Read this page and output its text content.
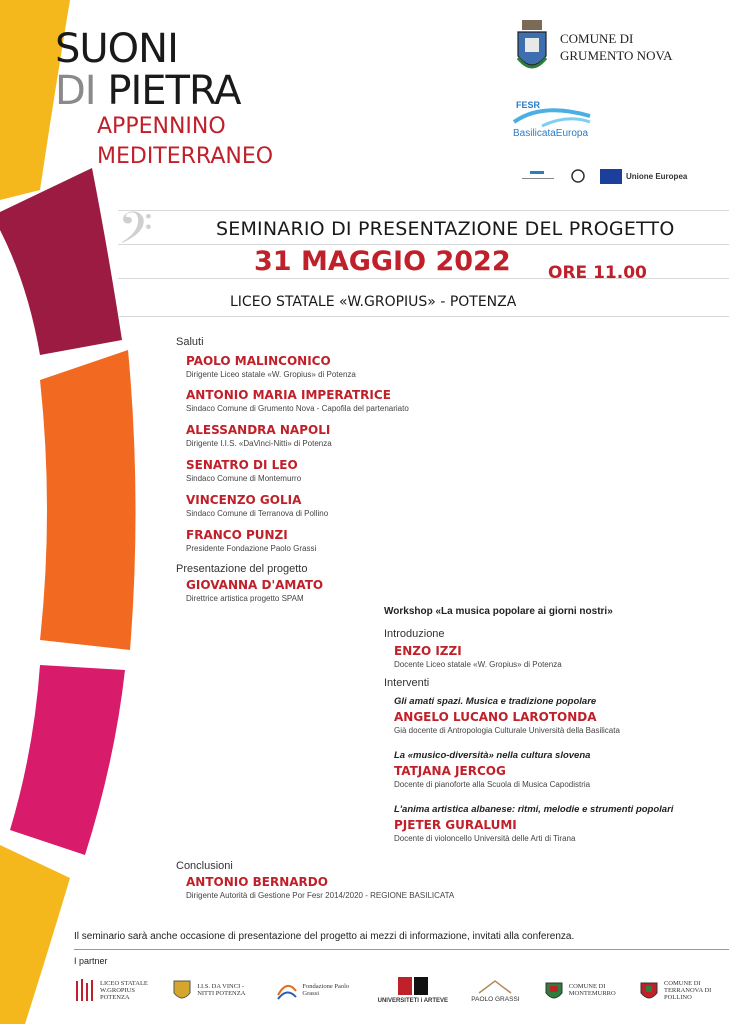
SUONI
DI PIETRA
APPENNINO
MEDITERRANEO
COMUNE DI
GRUMENTO NOVA
FESR
BasilicataEuropa
Unione Europea
𝄢	SEMINARIO DI PRESENTAZIONE DEL PROGETTO
31 MAGGIO 2022 ORE 11.00
LICEO STATALE «W.GROPIUS» - POTENZA
Saluti
PAOLO MALINCONICO
Dirigente Liceo statale «W. Gropius» di Potenza
ANTONIO MARIA IMPERATRICE
Sindaco Comune di Grumento Nova - Capofila del partenariato
ALESSANDRA NAPOLI
Dirigente I.I.S. «DaVinci-Nitti» di Potenza
SENATRO DI LEO
Sindaco Comune di Montemurro
VINCENZO GOLIA
Sindaco Comune di Terranova di Pollino
FRANCO PUNZI
Presidente Fondazione Paolo Grassi
Presentazione del progetto
GIOVANNA D'AMATO
Direttrice artistica progetto SPAM
Workshop «La musica popolare ai giorni nostri»
Introduzione
ENZO IZZI
Docente Liceo statale «W. Gropius» di Potenza
Interventi
Gli amati spazi. Musica e tradizione popolare
ANGELO LUCANO LAROTONDA
Già docente di Antropologia Culturale Università della Basilicata
La «musico-diversità» nella cultura slovena
TATJANA JERCOG
Docente di pianoforte alla Scuola di Musica Capodistria
L'anima artistica albanese: ritmi, melodie e strumenti popolari
PJETER GURALUMI
Docente di violoncello Università delle Arti di Tirana
Conclusioni
ANTONIO BERNARDO
Dirigente Autorità di Gestione Por Fesr 2014/2020 - REGIONE BASILICATA
Il seminario sarà anche occasione di presentazione del progetto ai mezzi di informazione, invitati alla conferenza.
I partner
LICEO STATALE W.GROPIUS POTENZA
I.I.S. DA VINCI - NITTI POTENZA
Fondazione Paolo Grassi
UNIVERSITETI i ARTEVE	PAOLO GRASSI
COMUNE DI MONTEMURRO
COMUNE DI TERRANOVA DI POLLINO
